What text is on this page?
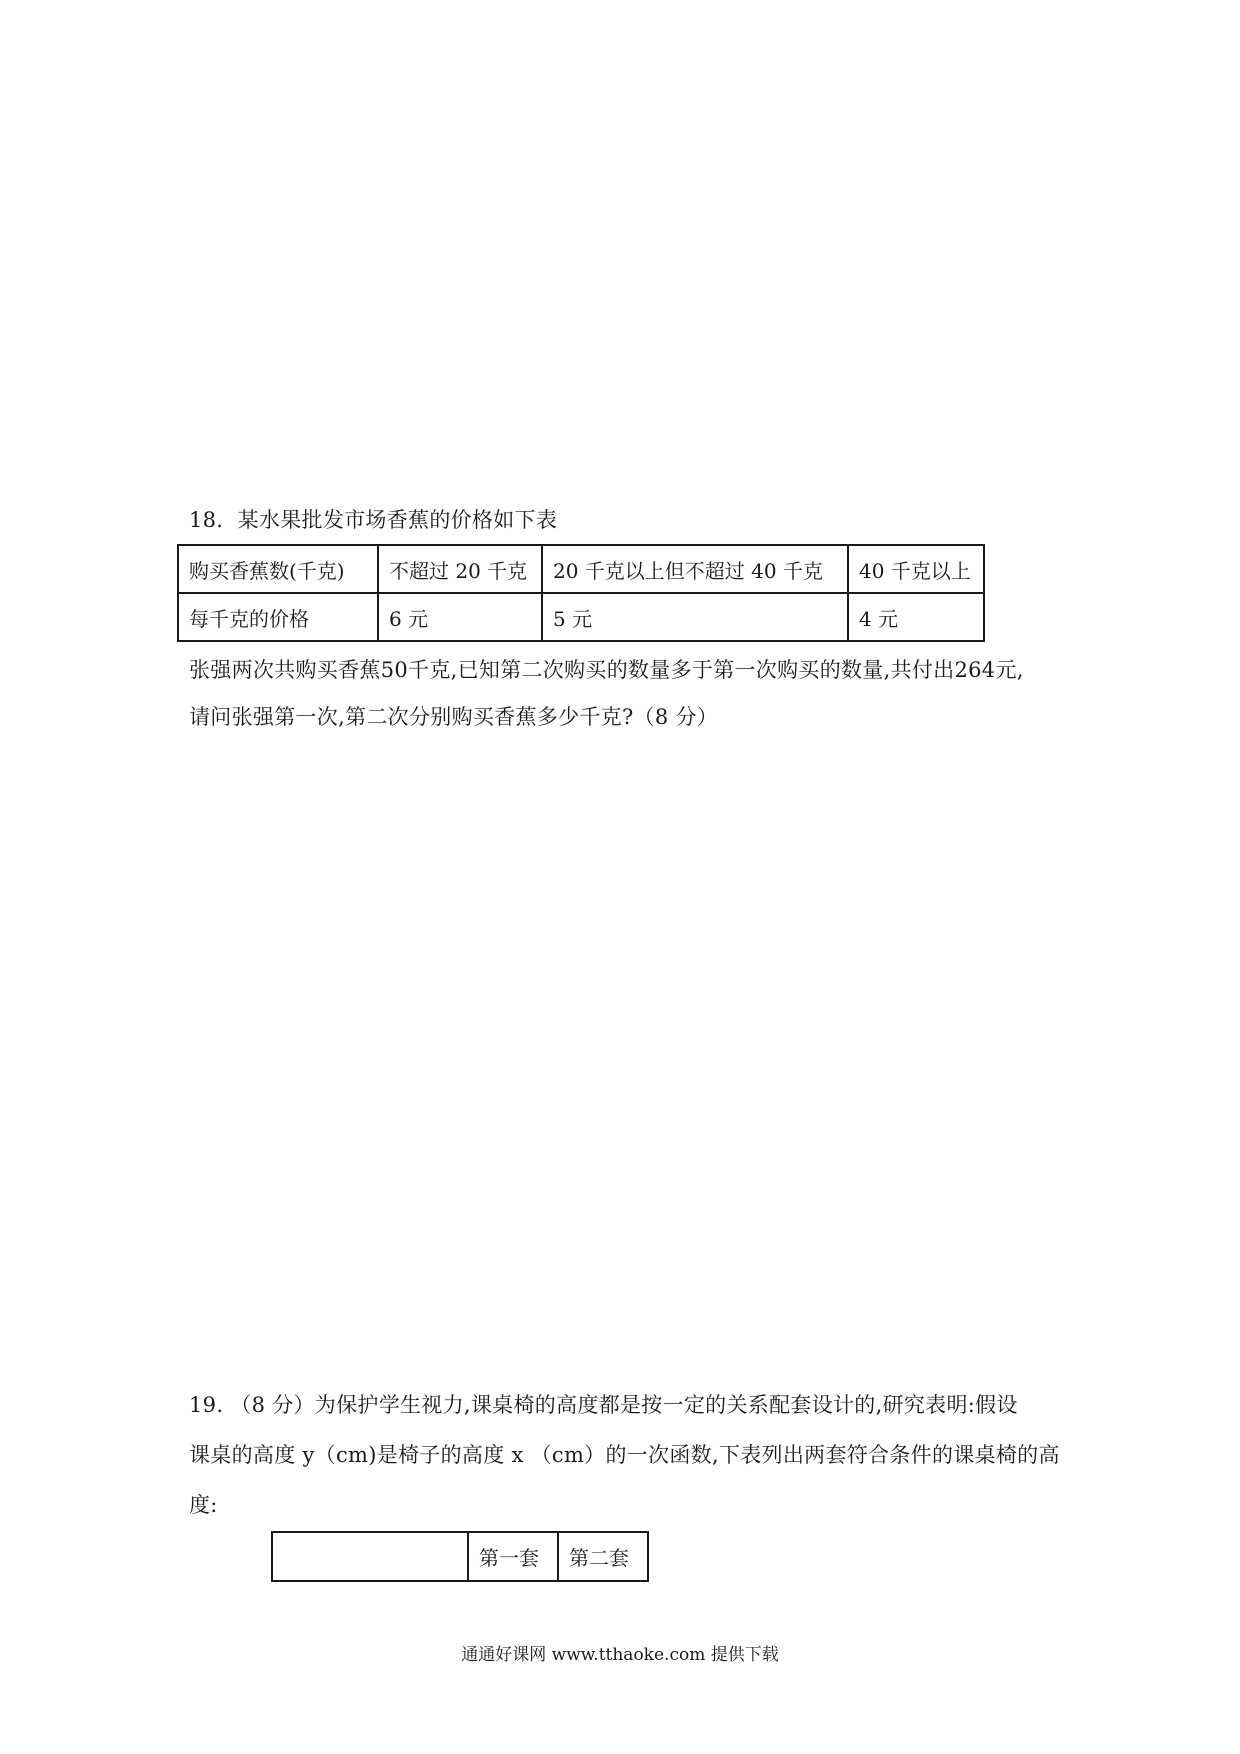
18．某水果批发市场香蕉的价格如下表
购买香蕉数(千克)	不超过 20 千克	20 千克以上但不超过 40 千克	40 千克以上
每千克的价格	6 元	5 元	4 元
张强两次共购买香蕉50千克,已知第二次购买的数量多于第一次购买的数量,共付出264元,
请问张强第一次,第二次分别购买香蕉多少千克?（8 分）
19. （8 分）为保护学生视力,课桌椅的高度都是按一定的关系配套设计的,研究表明:假设
课桌的高度 y（cm)是椅子的高度 x （cm）的一次函数,下表列出两套符合条件的课桌椅的高
度:
	第一套	第二套
通通好课网 www.tthaoke.com 提供下载
